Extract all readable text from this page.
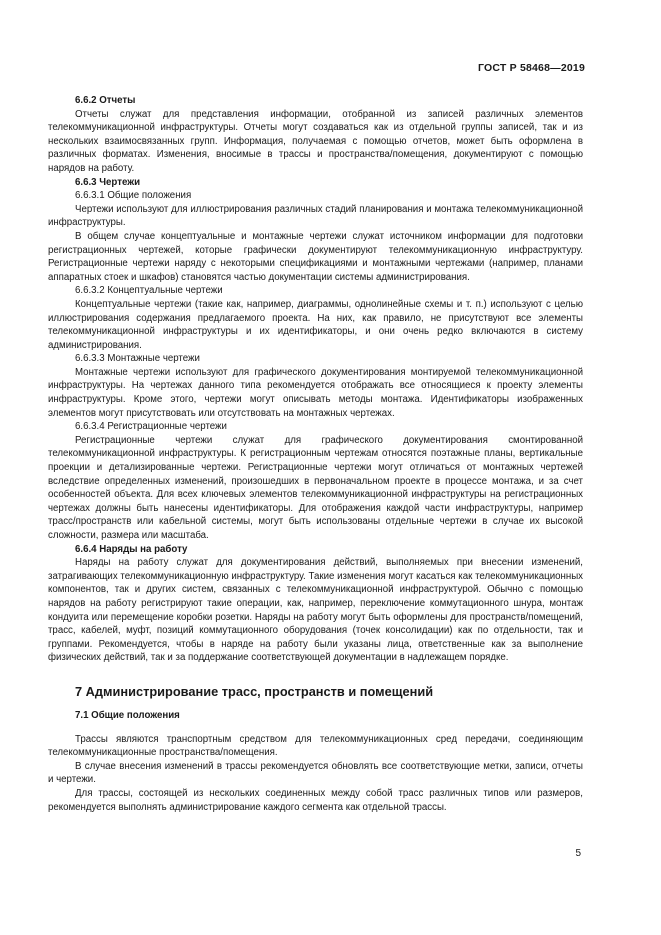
ГОСТ Р 58468—2019
6.6.2 Отчеты

Отчеты служат для представления информации, отобранной из записей различных элементов телекоммуникационной инфраструктуры. Отчеты могут создаваться как из отдельной группы записей, так и из нескольких взаимосвязанных групп. Информация, получаемая с помощью отчетов, может быть оформлена в различных форматах. Изменения, вносимые в трассы и пространства/помещения, документируют с помощью нарядов на работу.

6.6.3 Чертежи
6.6.3.1 Общие положения

Чертежи используют для иллюстрирования различных стадий планирования и монтажа телекоммуникационной инфраструктуры.

В общем случае концептуальные и монтажные чертежи служат источником информации для подготовки регистрационных чертежей, которые графически документируют телекоммуникационную инфраструктуру. Регистрационные чертежи наряду с некоторыми спецификациями и монтажными чертежами (например, планами аппаратных стоек и шкафов) становятся частью документации системы администрирования.

6.6.3.2 Концептуальные чертежи

Концептуальные чертежи (такие как, например, диаграммы, однолинейные схемы и т. п.) используют с целью иллюстрирования содержания предлагаемого проекта. На них, как правило, не присутствуют все элементы телекоммуникационной инфраструктуры и их идентификаторы, и они очень редко включаются в систему администрирования.

6.6.3.3 Монтажные чертежи

Монтажные чертежи используют для графического документирования монтируемой телекоммуникационной инфраструктуры. На чертежах данного типа рекомендуется отображать все относящиеся к проекту элементы инфраструктуры. Кроме этого, чертежи могут описывать методы монтажа. Идентификаторы изображенных элементов могут присутствовать или отсутствовать на монтажных чертежах.

6.6.3.4 Регистрационные чертежи

Регистрационные чертежи служат для графического документирования смонтированной телекоммуникационной инфраструктуры. К регистрационным чертежам относятся поэтажные планы, вертикальные проекции и детализированные чертежи. Регистрационные чертежи могут отличаться от монтажных чертежей вследствие определенных изменений, произошедших в первоначальном проекте в процессе монтажа, и за счет особенностей объекта. Для всех ключевых элементов телекоммуникационной инфраструктуры на регистрационных чертежах должны быть нанесены идентификаторы. Для отображения каждой части инфраструктуры, например трасс/пространств или кабельной системы, могут быть использованы отдельные чертежи в случае их высокой сложности, размера или масштаба.

6.6.4 Наряды на работу

Наряды на работу служат для документирования действий, выполняемых при внесении изменений, затрагивающих телекоммуникационную инфраструктуру. Такие изменения могут касаться как телекоммуникационных компонентов, так и других систем, связанных с телекоммуникационной инфраструктурой. Обычно с помощью нарядов на работу регистрируют такие операции, как, например, переключение коммутационного шнура, монтаж кондуита или перемещение коробки розетки. Наряды на работу могут быть оформлены для пространств/помещений, трасс, кабелей, муфт, позиций коммутационного оборудования (точек консолидации) как по отдельности, так и группами. Рекомендуется, чтобы в наряде на работу были указаны лица, ответственные как за выполнение физических действий, так и за поддержание соответствующей документации в надлежащем порядке.

7 Администрирование трасс, пространств и помещений
7.1 Общие положения

Трассы являются транспортным средством для телекоммуникационных сред передачи, соединяющим телекоммуникационные пространства/помещения.

В случае внесения изменений в трассы рекомендуется обновлять все соответствующие метки, записи, отчеты и чертежи.

Для трассы, состоящей из нескольких соединенных между собой трасс различных типов или размеров, рекомендуется выполнять администрирование каждого сегмента как отдельной трассы.

5
